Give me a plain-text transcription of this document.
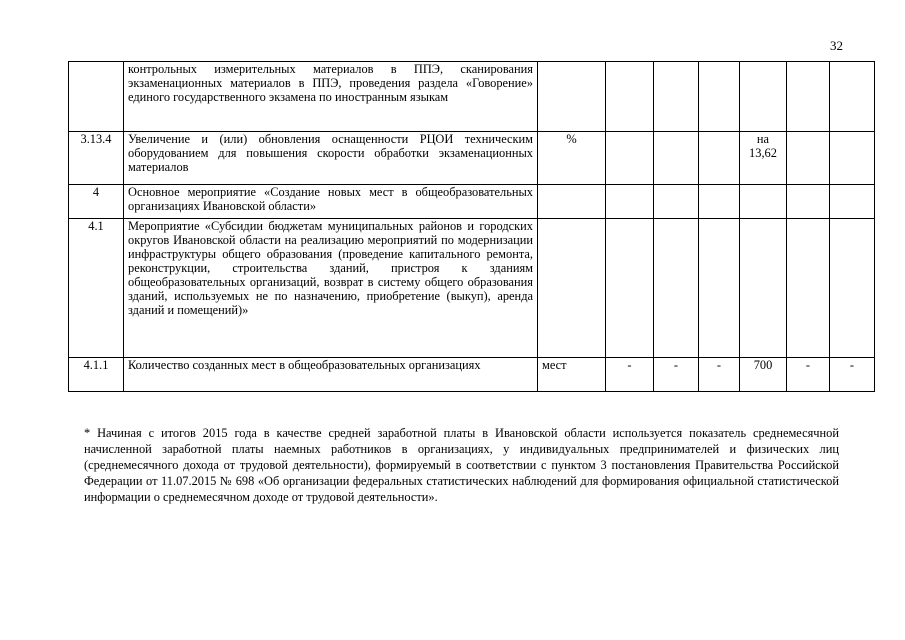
32
	контрольных измерительных материалов в ППЭ, сканирования экзаменационных материалов в ППЭ, проведения раздела «Говорение» единого государственного экзамена по иностранным языкам							
3.13.4	Увеличение и (или) обновления оснащенности РЦОИ техническим оборудованием для повышения скорости обработки экзаменационных материалов	%				на 13,62		
4	Основное мероприятие «Создание новых мест в общеобразовательных организациях Ивановской области»							
4.1	Мероприятие «Субсидии бюджетам муниципальных районов и городских округов Ивановской области на реализацию мероприятий по модернизации инфраструктуры общего образования (проведение капитального ремонта, реконструкции, строительства зданий, пристроя к зданиям общеобразовательных организаций, возврат в систему общего образования зданий, используемых не по назначению, приобретение (выкуп), аренда зданий и помещений)»							
4.1.1	Количество созданных мест в общеобразовательных организациях	мест	-	-	-	700	-	-

* Начиная с итогов 2015 года в качестве средней заработной платы в Ивановской области используется показатель среднемесячной начисленной заработной платы наемных работников в организациях, у индивидуальных предпринимателей и физических лиц (среднемесячного дохода от трудовой деятельности), формируемый в соответствии с пунктом 3 постановления Правительства Российской Федерации от 11.07.2015 № 698 «Об организации федеральных статистических наблюдений для формирования официальной статистической информации о среднемесячном доходе от трудовой деятельности».
